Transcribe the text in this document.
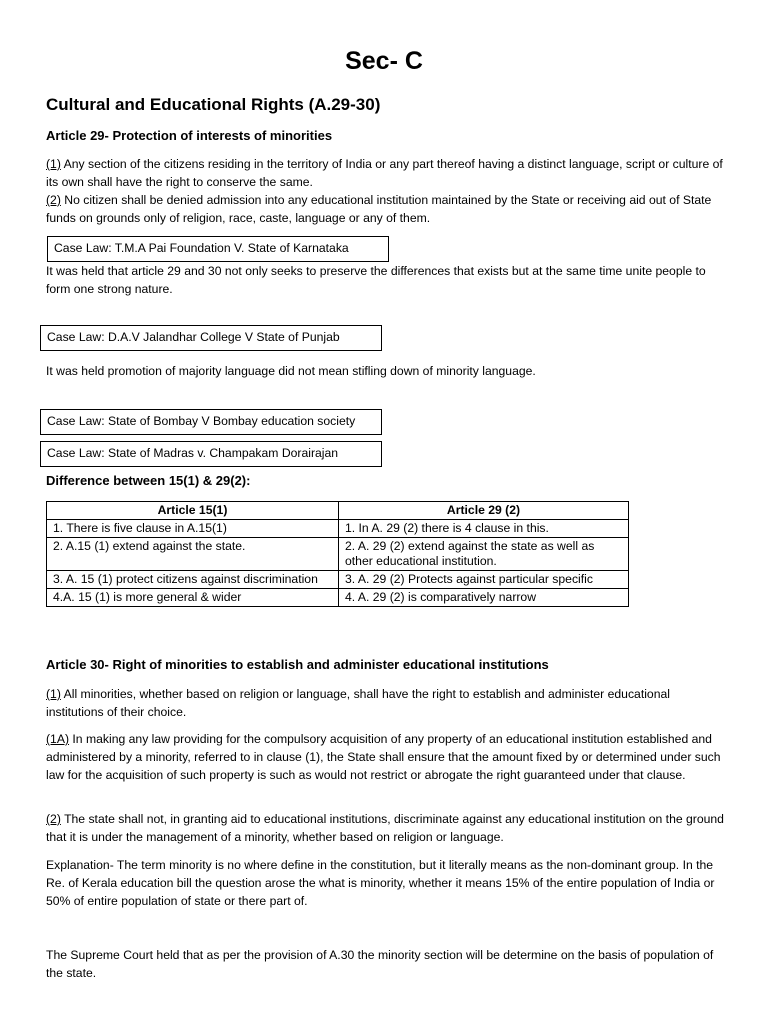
Sec- C
Cultural and Educational Rights (A.29-30)
Article 29- Protection of interests of minorities

(1) Any section of the citizens residing in the territory of India or any part thereof having a distinct language, script or culture of its own shall have the right to conserve the same.

(2) No citizen shall be denied admission into any educational institution maintained by the State or receiving aid out of State funds on grounds only of religion, race, caste, language or any of them.

Case Law: T.M.A Pai Foundation V. State of Karnataka

It was held that article 29 and 30 not only seeks to preserve the differences that exists but at the same time unite people to form one strong nature.

Case Law: D.A.V Jalandhar College V State of Punjab

It was held promotion of majority language did not mean stifling down of minority language.

Case Law: State of Bombay V Bombay education society
Case Law: State of Madras v. Champakam Dorairajan
Difference between 15(1) & 29(2):
Article 15(1)	Article 29 (2)
1. There is five clause in A.15(1)	1. In A. 29 (2) there is 4 clause in this.
2. A.15 (1) extend against the state.	2. A. 29 (2) extend against the state as well as other educational institution.
3. A. 15 (1) protect citizens against discrimination	3. A. 29 (2) Protects against particular specific
4.A. 15 (1) is more general & wider	4. A. 29 (2) is comparatively narrow
Article 30- Right of minorities to establish and administer educational institutions

(1) All minorities, whether based on religion or language, shall have the right to establish and administer educational institutions of their choice.

(1A) In making any law providing for the compulsory acquisition of any property of an educational institution established and administered by a minority, referred to in clause (1), the State shall ensure that the amount fixed by or determined under such law for the acquisition of such property is such as would not restrict or abrogate the right guaranteed under that clause.

(2) The state shall not, in granting aid to educational institutions, discriminate against any educational institution on the ground that it is under the management of a minority, whether based on religion or language.

Explanation- The term minority is no where define in the constitution, but it literally means as the non-dominant group. In the Re. of Kerala education bill the question arose the what is minority, whether it means 15% of the entire population of India or 50% of entire population of state or there part of.

The Supreme Court held that as per the provision of A.30 the minority section will be determine on the basis of population of the state.
